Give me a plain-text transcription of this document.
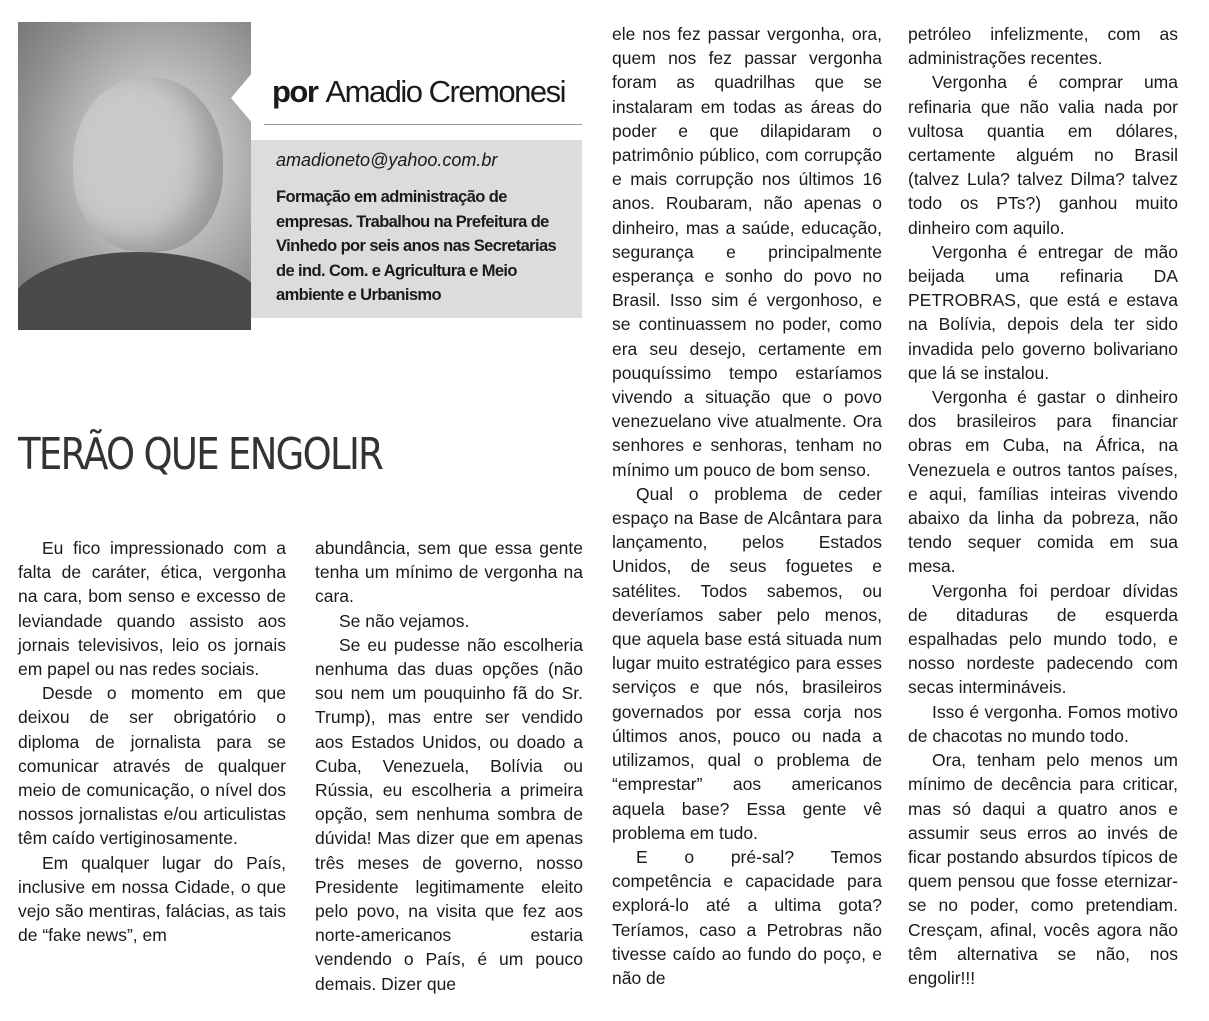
por Amadio Cremonesi
amadioneto@yahoo.com.br
Formação em administração de empresas. Trabalhou na Prefeitura de Vinhedo por seis anos nas Secretarias de ind. Com. e Agricultura e Meio ambiente e Urbanismo
TERÃO QUE ENGOLIR

Eu fico impressionado com a falta de caráter, ética, vergonha na cara, bom senso e excesso de leviandade quando assisto aos jornais televisivos, leio os jornais em papel ou nas redes sociais.

Desde o momento em que deixou de ser obrigatório o diploma de jornalista para se comunicar através de qualquer meio de comunicação, o nível dos nossos jornalistas e/ou articulistas têm caído vertiginosamente.

Em qualquer lugar do País, inclusive em nossa Cidade, o que vejo são mentiras, falácias, as tais de “fake news”, em

abundância, sem que essa gente tenha um mínimo de vergonha na cara.

Se não vejamos.

Se eu pudesse não escolheria nenhuma das duas opções (não sou nem um pouquinho fã do Sr. Trump), mas entre ser vendido aos Estados Unidos, ou doado a Cuba, Venezuela, Bolívia ou Rússia, eu escolheria a primeira opção, sem nenhuma sombra de dúvida! Mas dizer que em apenas três meses de governo, nosso Presidente legitimamente eleito pelo povo, na visita que fez aos norte-americanos estaria vendendo o País, é um pouco demais. Dizer que

ele nos fez passar vergonha, ora, quem nos fez passar vergonha foram as quadrilhas que se instalaram em todas as áreas do poder e que dilapidaram o patrimônio público, com corrupção e mais corrupção nos últimos 16 anos. Roubaram, não apenas o dinheiro, mas a saúde, educação, segurança e principalmente esperança e sonho do povo no Brasil. Isso sim é vergonhoso, e se continuassem no poder, como era seu desejo, certamente em pouquíssimo tempo estaríamos vivendo a situação que o povo venezuelano vive atualmente. Ora senhores e senhoras, tenham no mínimo um pouco de bom senso.

Qual o problema de ceder espaço na Base de Alcântara para lançamento, pelos Estados Unidos, de seus foguetes e satélites. Todos sabemos, ou deveríamos saber pelo menos, que aquela base está situada num lugar muito estratégico para esses serviços e que nós, brasileiros governados por essa corja nos últimos anos, pouco ou nada a utilizamos, qual o problema de “emprestar” aos americanos aquela base? Essa gente vê problema em tudo.

E o pré-sal? Temos competência e capacidade para explorá-lo até a ultima gota? Teríamos, caso a Petrobras não tivesse caído ao fundo do poço, e não de

petróleo infelizmente, com as administrações recentes.

Vergonha é comprar uma refinaria que não valia nada por vultosa quantia em dólares, certamente alguém no Brasil (talvez Lula? talvez Dilma? talvez todo os PTs?) ganhou muito dinheiro com aquilo.

Vergonha é entregar de mão beijada uma refinaria DA PETROBRAS, que está e estava na Bolívia, depois dela ter sido invadida pelo governo bolivariano que lá se instalou.

Vergonha é gastar o dinheiro dos brasileiros para financiar obras em Cuba, na África, na Venezuela e outros tantos países, e aqui, famílias inteiras vivendo abaixo da linha da pobreza, não tendo sequer comida em sua mesa.

Vergonha foi perdoar dívidas de ditaduras de esquerda espalhadas pelo mundo todo, e nosso nordeste padecendo com secas intermináveis.

Isso é vergonha. Fomos motivo de chacotas no mundo todo.

Ora, tenham pelo menos um mínimo de decência para criticar, mas só daqui a quatro anos e assumir seus erros ao invés de ficar postando absurdos típicos de quem pensou que fosse eternizar-se no poder, como pretendiam. Cresçam, afinal, vocês agora não têm alternativa se não, nos engolir!!!
